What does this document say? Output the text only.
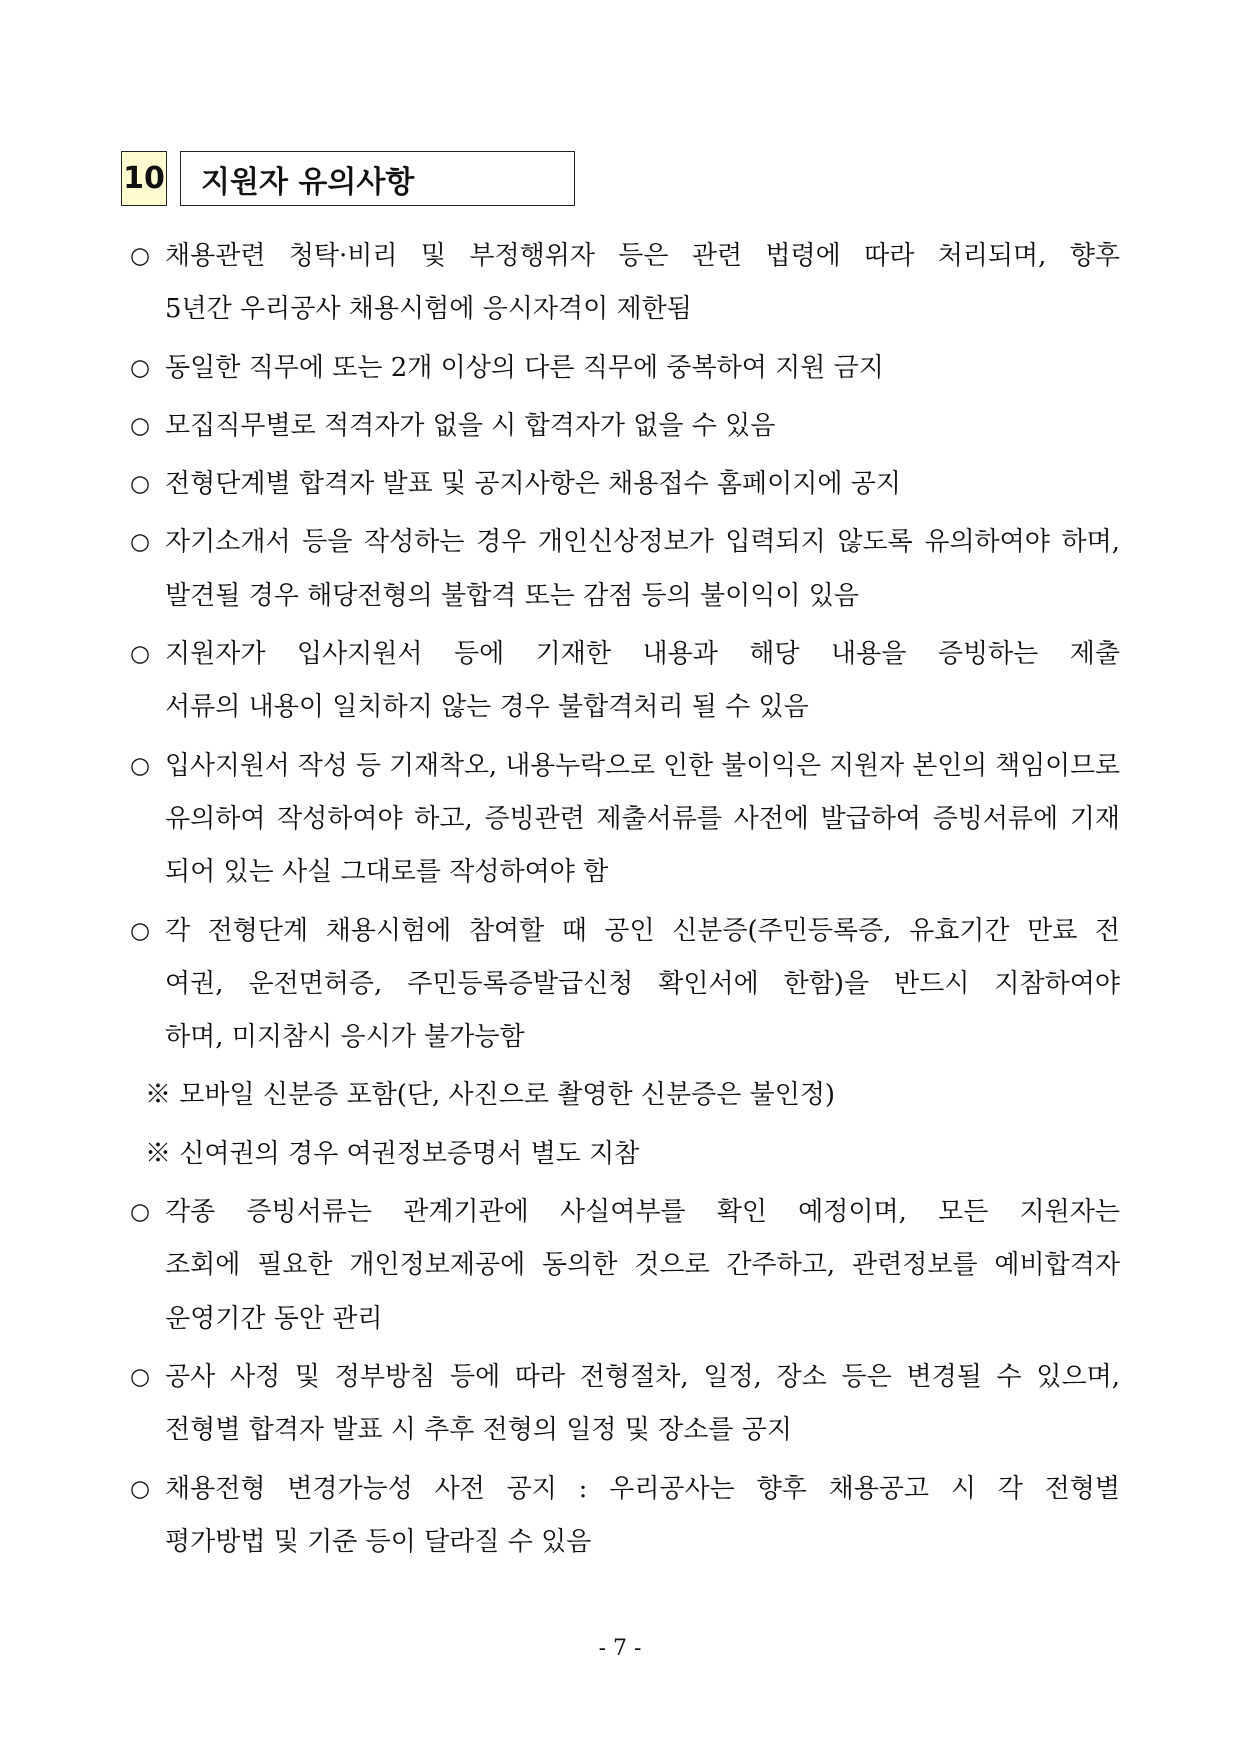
10 지원자 유의사항
○ 채용관련 청탁·비리 및 부정행위자 등은 관련 법령에 따라 처리되며, 향후
5년간 우리공사 채용시험에 응시자격이 제한됨
○ 동일한 직무에 또는 2개 이상의 다른 직무에 중복하여 지원 금지
○ 모집직무별로 적격자가 없을 시 합격자가 없을 수 있음
○ 전형단계별 합격자 발표 및 공지사항은 채용접수 홈페이지에 공지
○ 자기소개서 등을 작성하는 경우 개인신상정보가 입력되지 않도록 유의하여야 하며,
발견될 경우 해당전형의 불합격 또는 감점 등의 불이익이 있음
○ 지원자가 입사지원서 등에 기재한 내용과 해당 내용을 증빙하는 제출
서류의 내용이 일치하지 않는 경우 불합격처리 될 수 있음
○ 입사지원서 작성 등 기재착오, 내용누락으로 인한 불이익은 지원자 본인의 책임이므로
유의하여 작성하여야 하고, 증빙관련 제출서류를 사전에 발급하여 증빙서류에 기재
되어 있는 사실 그대로를 작성하여야 함
○ 각 전형단계 채용시험에 참여할 때 공인 신분증(주민등록증, 유효기간 만료 전
여권, 운전면허증, 주민등록증발급신청 확인서에 한함)을 반드시 지참하여야
하며, 미지참시 응시가 불가능함
※ 모바일 신분증 포함(단, 사진으로 촬영한 신분증은 불인정)
※ 신여권의 경우 여권정보증명서 별도 지참
○ 각종 증빙서류는 관계기관에 사실여부를 확인 예정이며, 모든 지원자는
조회에 필요한 개인정보제공에 동의한 것으로 간주하고, 관련정보를 예비합격자
운영기간 동안 관리
○ 공사 사정 및 정부방침 등에 따라 전형절차, 일정, 장소 등은 변경될 수 있으며,
전형별 합격자 발표 시 추후 전형의 일정 및 장소를 공지
○ 채용전형 변경가능성 사전 공지 : 우리공사는 향후 채용공고 시 각 전형별
평가방법 및 기준 등이 달라질 수 있음
- 7 -
